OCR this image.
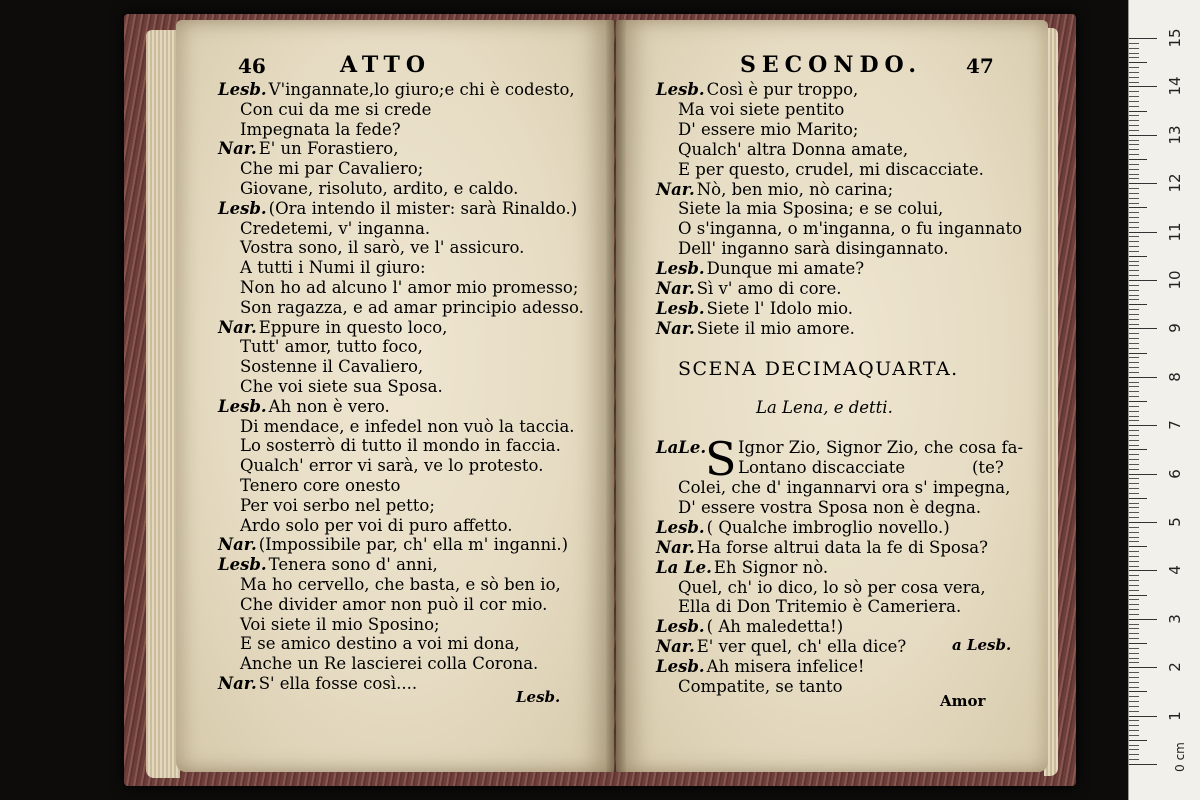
46	ATTO
Lesb. V'ingannate,lo giuro;e chi è codesto,
Con cui da me si crede
Impegnata la fede?
Nar. E' un Forastiero,
Che mi par Cavaliero;
Giovane, risoluto, ardito, e caldo.
Lesb. (Ora intendo il mister: sarà Rinaldo.)
Credetemi, v' inganna.
Vostra sono, il sarò, ve l' assicuro.
A tutti i Numi il giuro:
Non ho ad alcuno l' amor mio promesso;
Son ragazza, e ad amar principio adesso.
Nar. Eppure in questo loco,
Tutt' amor, tutto foco,
Sostenne il Cavaliero,
Che voi siete sua Sposa.
Lesb. Ah non è vero.
Di mendace, e infedel non vuò la taccia.
Lo sosterrò di tutto il mondo in faccia.
Qualch' error vi sarà, ve lo protesto.
Tenero core onesto
Per voi serbo nel petto;
Ardo solo per voi di puro affetto.
Nar. (Impossibile par, ch' ella m' inganni.)
Lesb. Tenera sono d' anni,
Ma ho cervello, che basta, e sò ben io,
Che divider amor non può il cor mio.
Voi siete il mio Sposino;
E se amico destino a voi mi dona,
Anche un Re lascierei colla Corona.
Nar. S' ella fosse così....
Lesb.
SECONDO. 47
Lesb. Così è pur troppo,
Ma voi siete pentito
D' essere mio Marito;
Qualch' altra Donna amate,
E per questo, crudel, mi discacciate.
Nar. Nò, ben mio, nò carina;
Siete la mia Sposina; e se colui,
O s'inganna, o m'inganna, o fu ingannato
Dell' inganno sarà disingannato.
Lesb. Dunque mi amate?
Nar. Sì v' amo di core.
Lesb. Siete l' Idolo mio.
Nar. Siete il mio amore.
SCENA DECIMAQUARTA.
La Lena, e detti.
LaLe.
S Ignor Zio, Signor Zio, che cosa fa-
Lontano discacciate	(te?
Colei, che d' ingannarvi ora s' impegna,
D' essere vostra Sposa non è degna.
Lesb. ( Qualche imbroglio novello.)
Nar. Ha forse altrui data la fe di Sposa?
La Le. Eh Signor nò.
Quel, ch' io dico, lo sò per cosa vera,
Ella di Don Tritemio è Cameriera.
Lesb. ( Ah maledetta!)
Nar. E' ver quel, ch' ella dice?
Lesb. Ah misera infelice!
Compatite, se tanto
a Lesb.
Amor
1
2
3
4
5
6
7
8
9
10
11
12
13
14
15
0 cm
